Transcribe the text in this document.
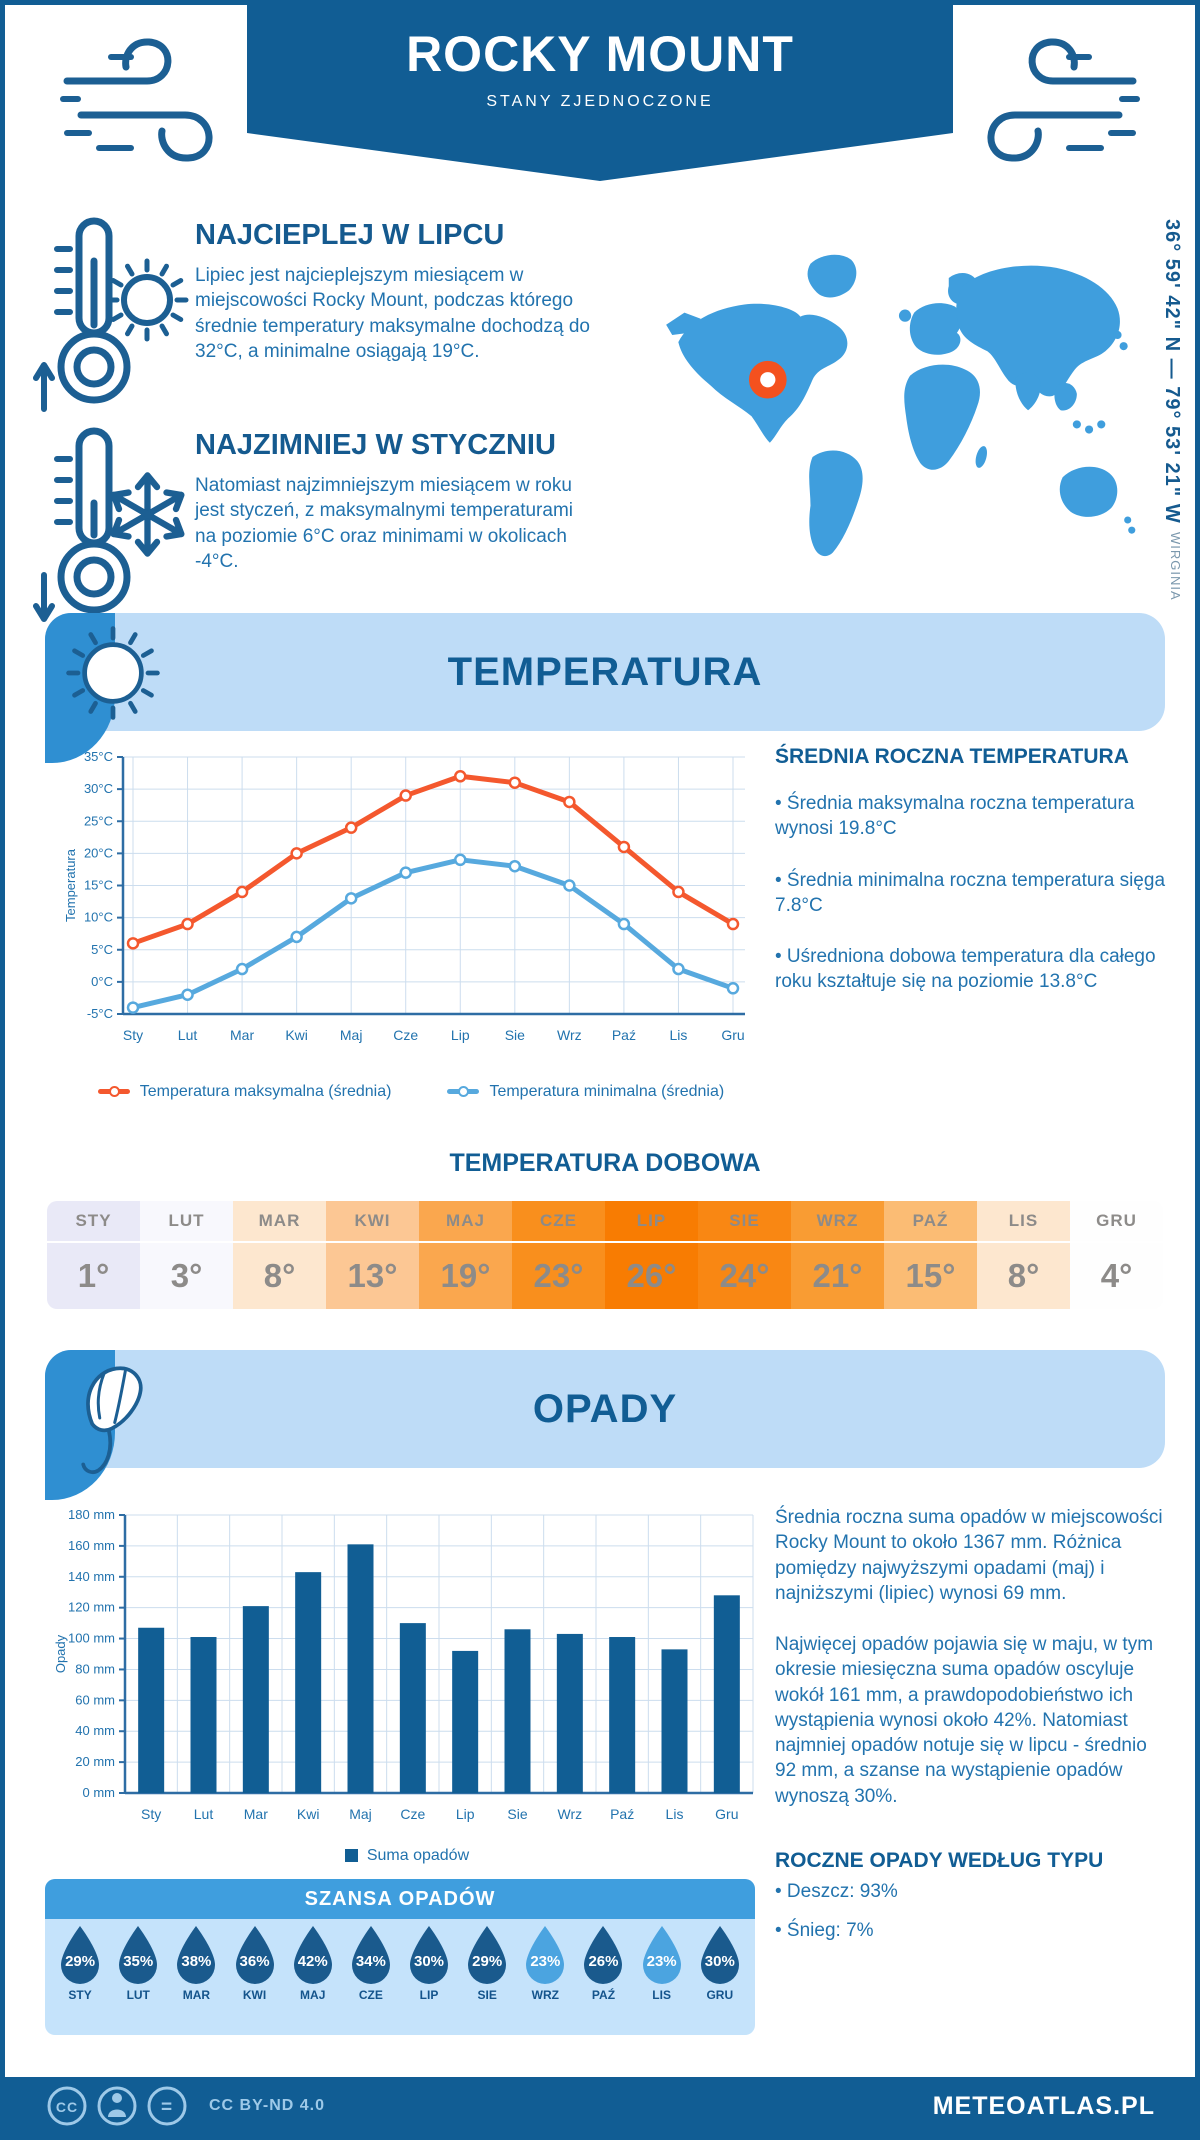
ROCKY MOUNT
STANY ZJEDNOCZONE
NAJCIEPLEJ W LIPCU

Lipiec jest najcieplejszym miesiącem w miejscowości Rocky Mount, podczas którego średnie temperatury maksymalne dochodzą do 32°C, a minimalne osiągają 19°C.

NAJZIMNIEJ W STYCZNIU

Natomiast najzimniejszym miesiącem w roku jest styczeń, z maksymalnymi temperaturami na poziomie 6°C oraz minimami w okolicach -4°C.

36° 59' 42" N — 79° 53' 21" W
WIRGINIA
TEMPERATURA
-5°C
0°C
5°C
10°C
15°C
20°C
25°C
30°C
35°C
Sty Lut Mar Kwi Maj Cze Lip	Sie Wrz Paź Lis Gru
Temperatura
ŚREDNIA ROCZNA TEMPERATURA

• Średnia maksymalna roczna temperatura wynosi 19.8°C

• Średnia minimalna roczna temperatura sięga 7.8°C

• Uśredniona dobowa temperatura dla całego roku kształtuje się na poziomie 13.8°C

Temperatura maksymalna (średnia)	Temperatura minimalna (średnia)
TEMPERATURA DOBOWA
STY
1°
LUT
3°
MAR
8°
KWI
13°
MAJ
19°
CZE
23°
LIP
26°
SIE
24°
WRZ
21°
PAŹ
15°
LIS
8°
GRU
4°
OPADY
0 mm
20 mm
40 mm
60 mm
80 mm
100 mm
120 mm
140 mm
160 mm
180 mm
Sty Lut Mar Kwi Maj Cze Lip Sie Wrz Paź Lis Gru
Opady
Suma opadów

Średnia roczna suma opadów w miejscowości Rocky Mount to około 1367 mm. Różnica pomiędzy najwyższymi opadami (maj) i najniższymi (lipiec) wynosi 69 mm.

Najwięcej opadów pojawia się w maju, w tym okresie miesięczna suma opadów oscyluje wokół 161 mm, a prawdopodobieństwo ich wystąpienia wynosi około 42%. Natomiast najmniej opadów notuje się w lipcu - średnio 92 mm, a szanse na wystąpienie opadów wynoszą 30%.

ROCZNE OPADY WEDŁUG TYPU

• Deszcz: 93%

• Śnieg: 7%

SZANSA OPADÓW
29%
STY
35%
LUT
38%
MAR
36%
KWI
42%
MAJ
34%
CZE
30%
LIP
29%
SIE
23%
WRZ
26%
PAŹ
23%
LIS
30%
GRU
CC	= CC BY-ND 4.0	METEOATLAS.PL
